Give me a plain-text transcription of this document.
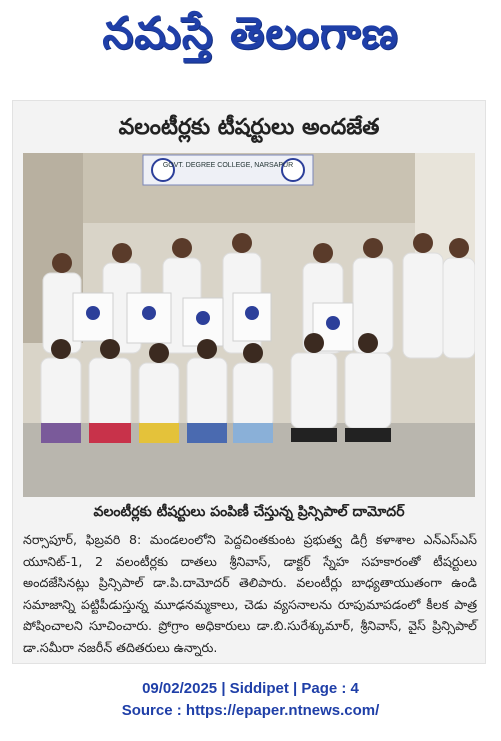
నమస్తే తెలంగాణ
వలంటీర్లకు టీషర్టులు అందజేత
GOVT. DEGREE COLLEGE, NARSAPUR
వలంటీర్లకు టీషర్టులు పంపిణీ చేస్తున్న ప్రిన్సిపాల్ దామోదర్
నర్సాపూర్, ఫిబ్రవరి 8: మండలంలోని పెద్దచింతకుంట ప్రభుత్వ డిగ్రీ కళాశాల ఎన్ఎస్ఎస్ యూనిట్-1, 2 వలంటీర్లకు దాతలు శ్రీనివాస్, డాక్టర్ స్నేహ సహకారంతో టీషర్టులు అందజేసినట్లు ప్రిన్సిపాల్ డా.పి.దామోదర్ తెలిపారు. వలంటీర్లు బాధ్యతాయుతంగా ఉండి సమాజాన్ని పట్టిపీడుస్తున్న మూఢనమ్మకాలు, చెడు వ్యసనాలను రూపుమాపడంలో కీలక పాత్ర పోషించాలని సూచించారు. ప్రోగ్రాం అధికారులు డా.బి.సురేశ్కుమార్, శ్రీనివాస్, వైస్ ప్రిన్సిపాల్ డా.సమీరా నజరీన్ తదితరులు ఉన్నారు.
09/02/2025 | Siddipet | Page : 4
Source : https://epaper.ntnews.com/
